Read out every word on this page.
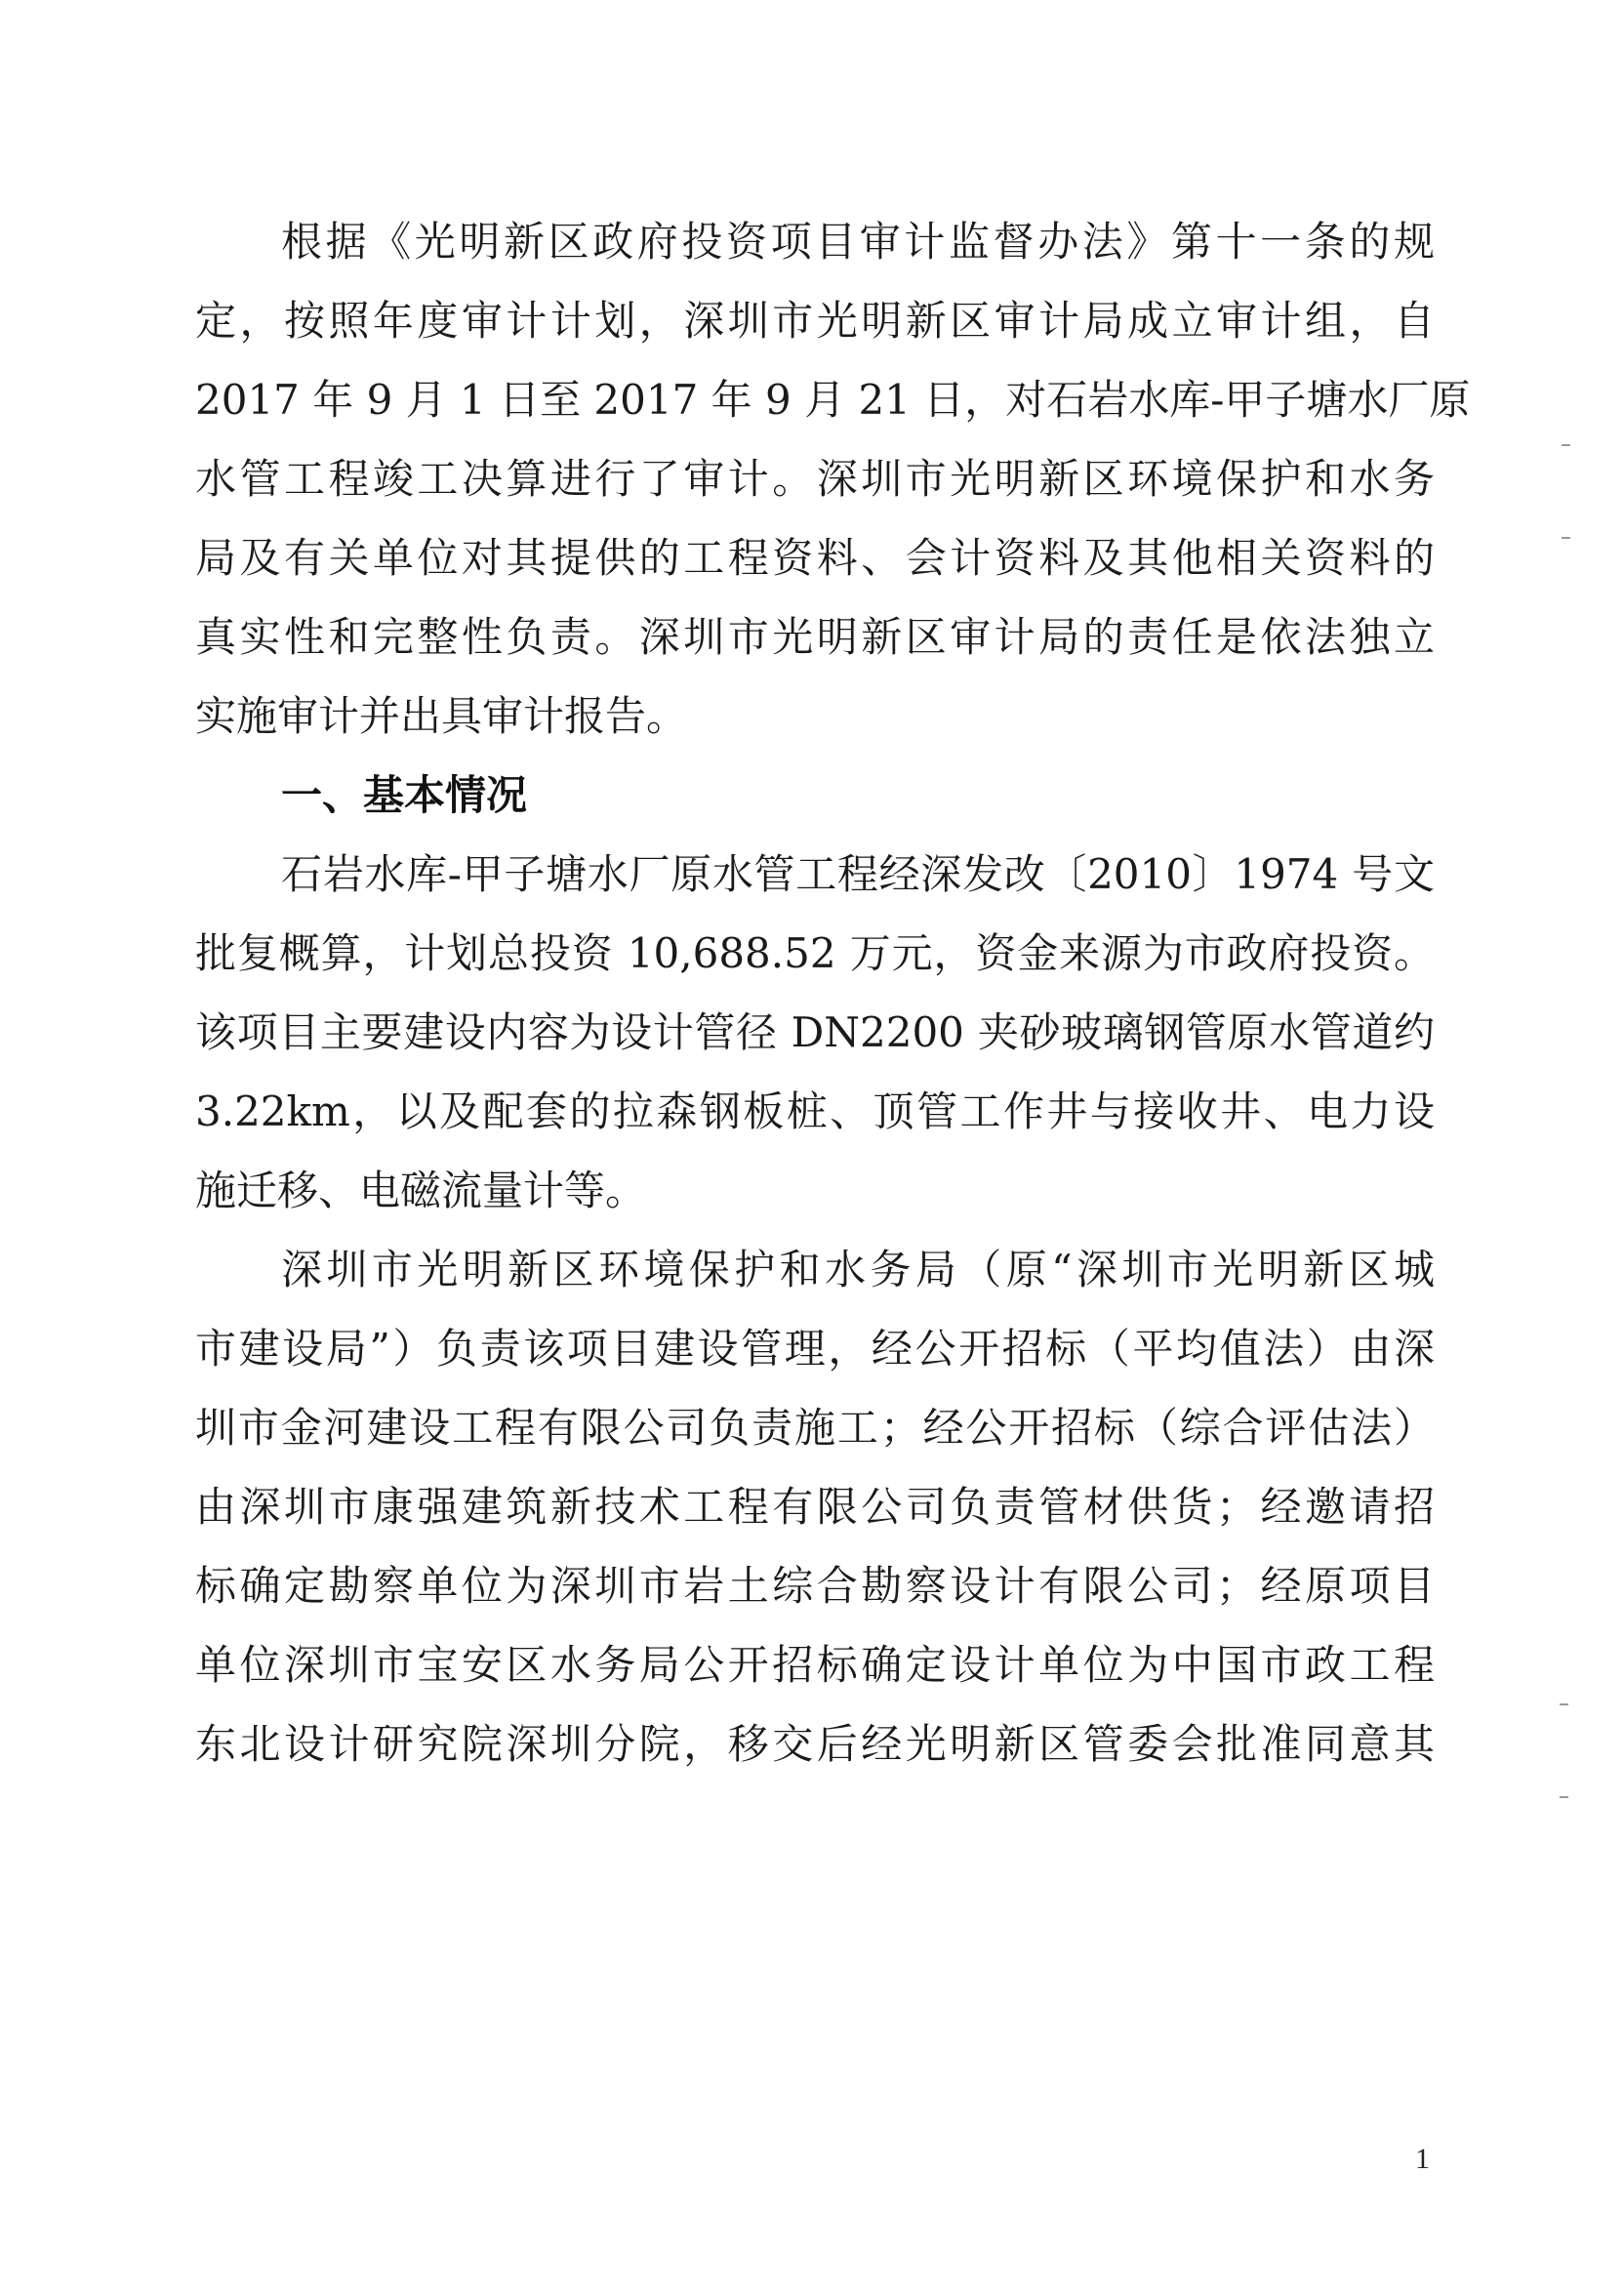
根据《光明新区政府投资项目审计监督办法》第十一条的规
定，按照年度审计计划，深圳市光明新区审计局成立审计组，自
2017 年 9 月 1 日至 2017 年 9 月 21 日，对石岩水库-甲子塘水厂原
水管工程竣工决算进行了审计。深圳市光明新区环境保护和水务
局及有关单位对其提供的工程资料、会计资料及其他相关资料的
真实性和完整性负责。深圳市光明新区审计局的责任是依法独立
实施审计并出具审计报告。
一、基本情况
石岩水库-甲子塘水厂原水管工程经深发改〔2010〕1974 号文
批复概算，计划总投资 10,688.52 万元，资金来源为市政府投资。
该项目主要建设内容为设计管径 DN2200 夹砂玻璃钢管原水管道约
3.22km，以及配套的拉森钢板桩、顶管工作井与接收井、电力设
施迁移、电磁流量计等。
深圳市光明新区环境保护和水务局（原“深圳市光明新区城
市建设局”）负责该项目建设管理，经公开招标（平均值法）由深
圳市金河建设工程有限公司负责施工；经公开招标（综合评估法）
由深圳市康强建筑新技术工程有限公司负责管材供货；经邀请招
标确定勘察单位为深圳市岩土综合勘察设计有限公司；经原项目
单位深圳市宝安区水务局公开招标确定设计单位为中国市政工程
东北设计研究院深圳分院，移交后经光明新区管委会批准同意其
1
